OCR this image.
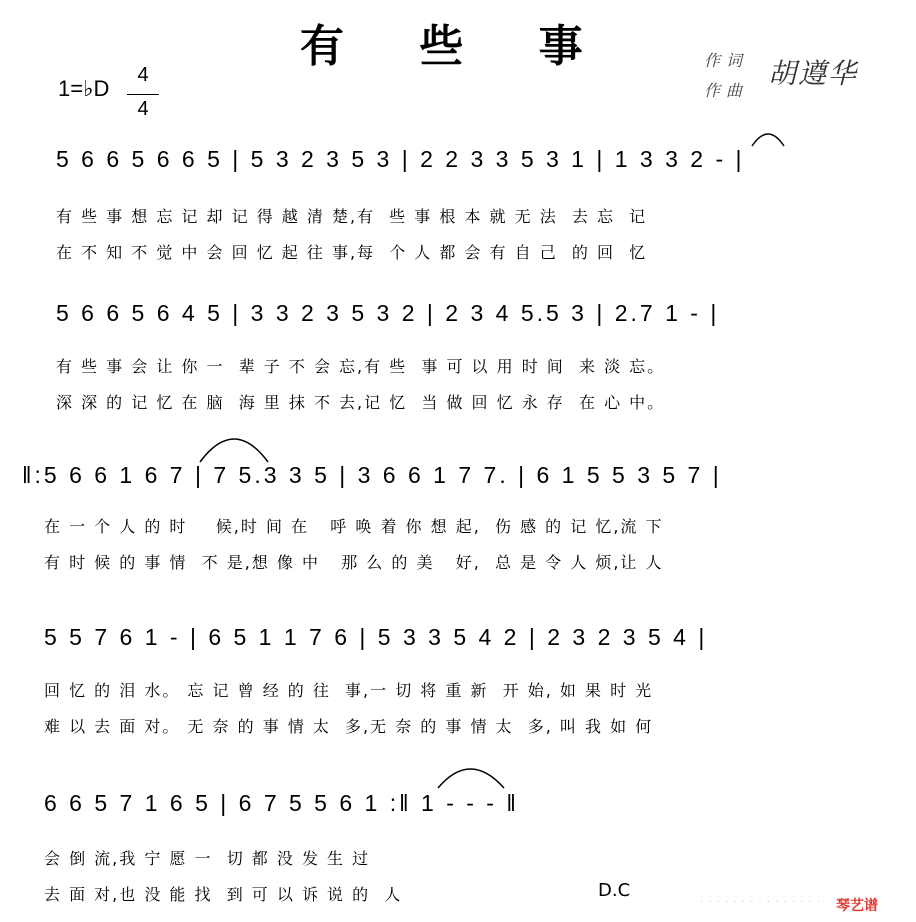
有 些 事
1=♭D
4
4
作词
作曲
胡遵华
5 6 6 5 6 6 5 | 5 3 2 3 5 3 | 2 2 3 3 5 3 1 | 1 3 3 2 - |
有 些 事 想 忘 记 却 记 得 越 清 楚,有  些 事 根 本 就 无 法  去 忘  记
在 不 知 不 觉 中 会 回 忆 起 往 事,每  个 人 都 会 有 自 己  的 回  忆
5 6 6 5 6 4 5 | 3 3 2 3 5 3 2 | 2 3 4 5.5 3 | 2.7 1 - |
有 些 事 会 让 你 一  辈 子 不 会 忘,有 些  事 可 以 用 时 间  来 淡 忘。
深 深 的 记 忆 在 脑  海 里 抹 不 去,记 忆  当 做 回 忆 永 存  在 心 中。
‖:5 6 6 1 6 7 | 7 5.3 3 5 | 3 6 6 1 7 7. | 6 1 5 5 3 5 7 |
在 一 个 人 的 时    候,时 间 在   呼 唤 着 你 想 起,  伤 感 的 记 忆,流 下
有 时 候 的 事 情  不 是,想 像 中   那 么 的 美   好,  总 是 令 人 烦,让 人
5 5 7 6 1 - | 6 5 1 1 7 6 | 5 3 3 5 4 2 | 2 3 2 3 5 4 |
回 忆 的 泪 水。 忘 记 曾 经 的 往  事,一 切 将 重 新  开 始, 如 果 时 光
难 以 去 面 对。 无 奈 的 事 情 太  多,无 奈 的 事 情 太  多, 叫 我 如 何
6 6 5 7 1 6 5 | 6 7 5 5 6 1 :‖ 1 - - - ‖
会 倒 流,我 宁 愿 一  切 都 没 发 生 过
去 面 对,也 没 能 找  到 可 以 诉 说 的  人	D.C
· · · · · · · · · · · · · · · 琴艺谱
